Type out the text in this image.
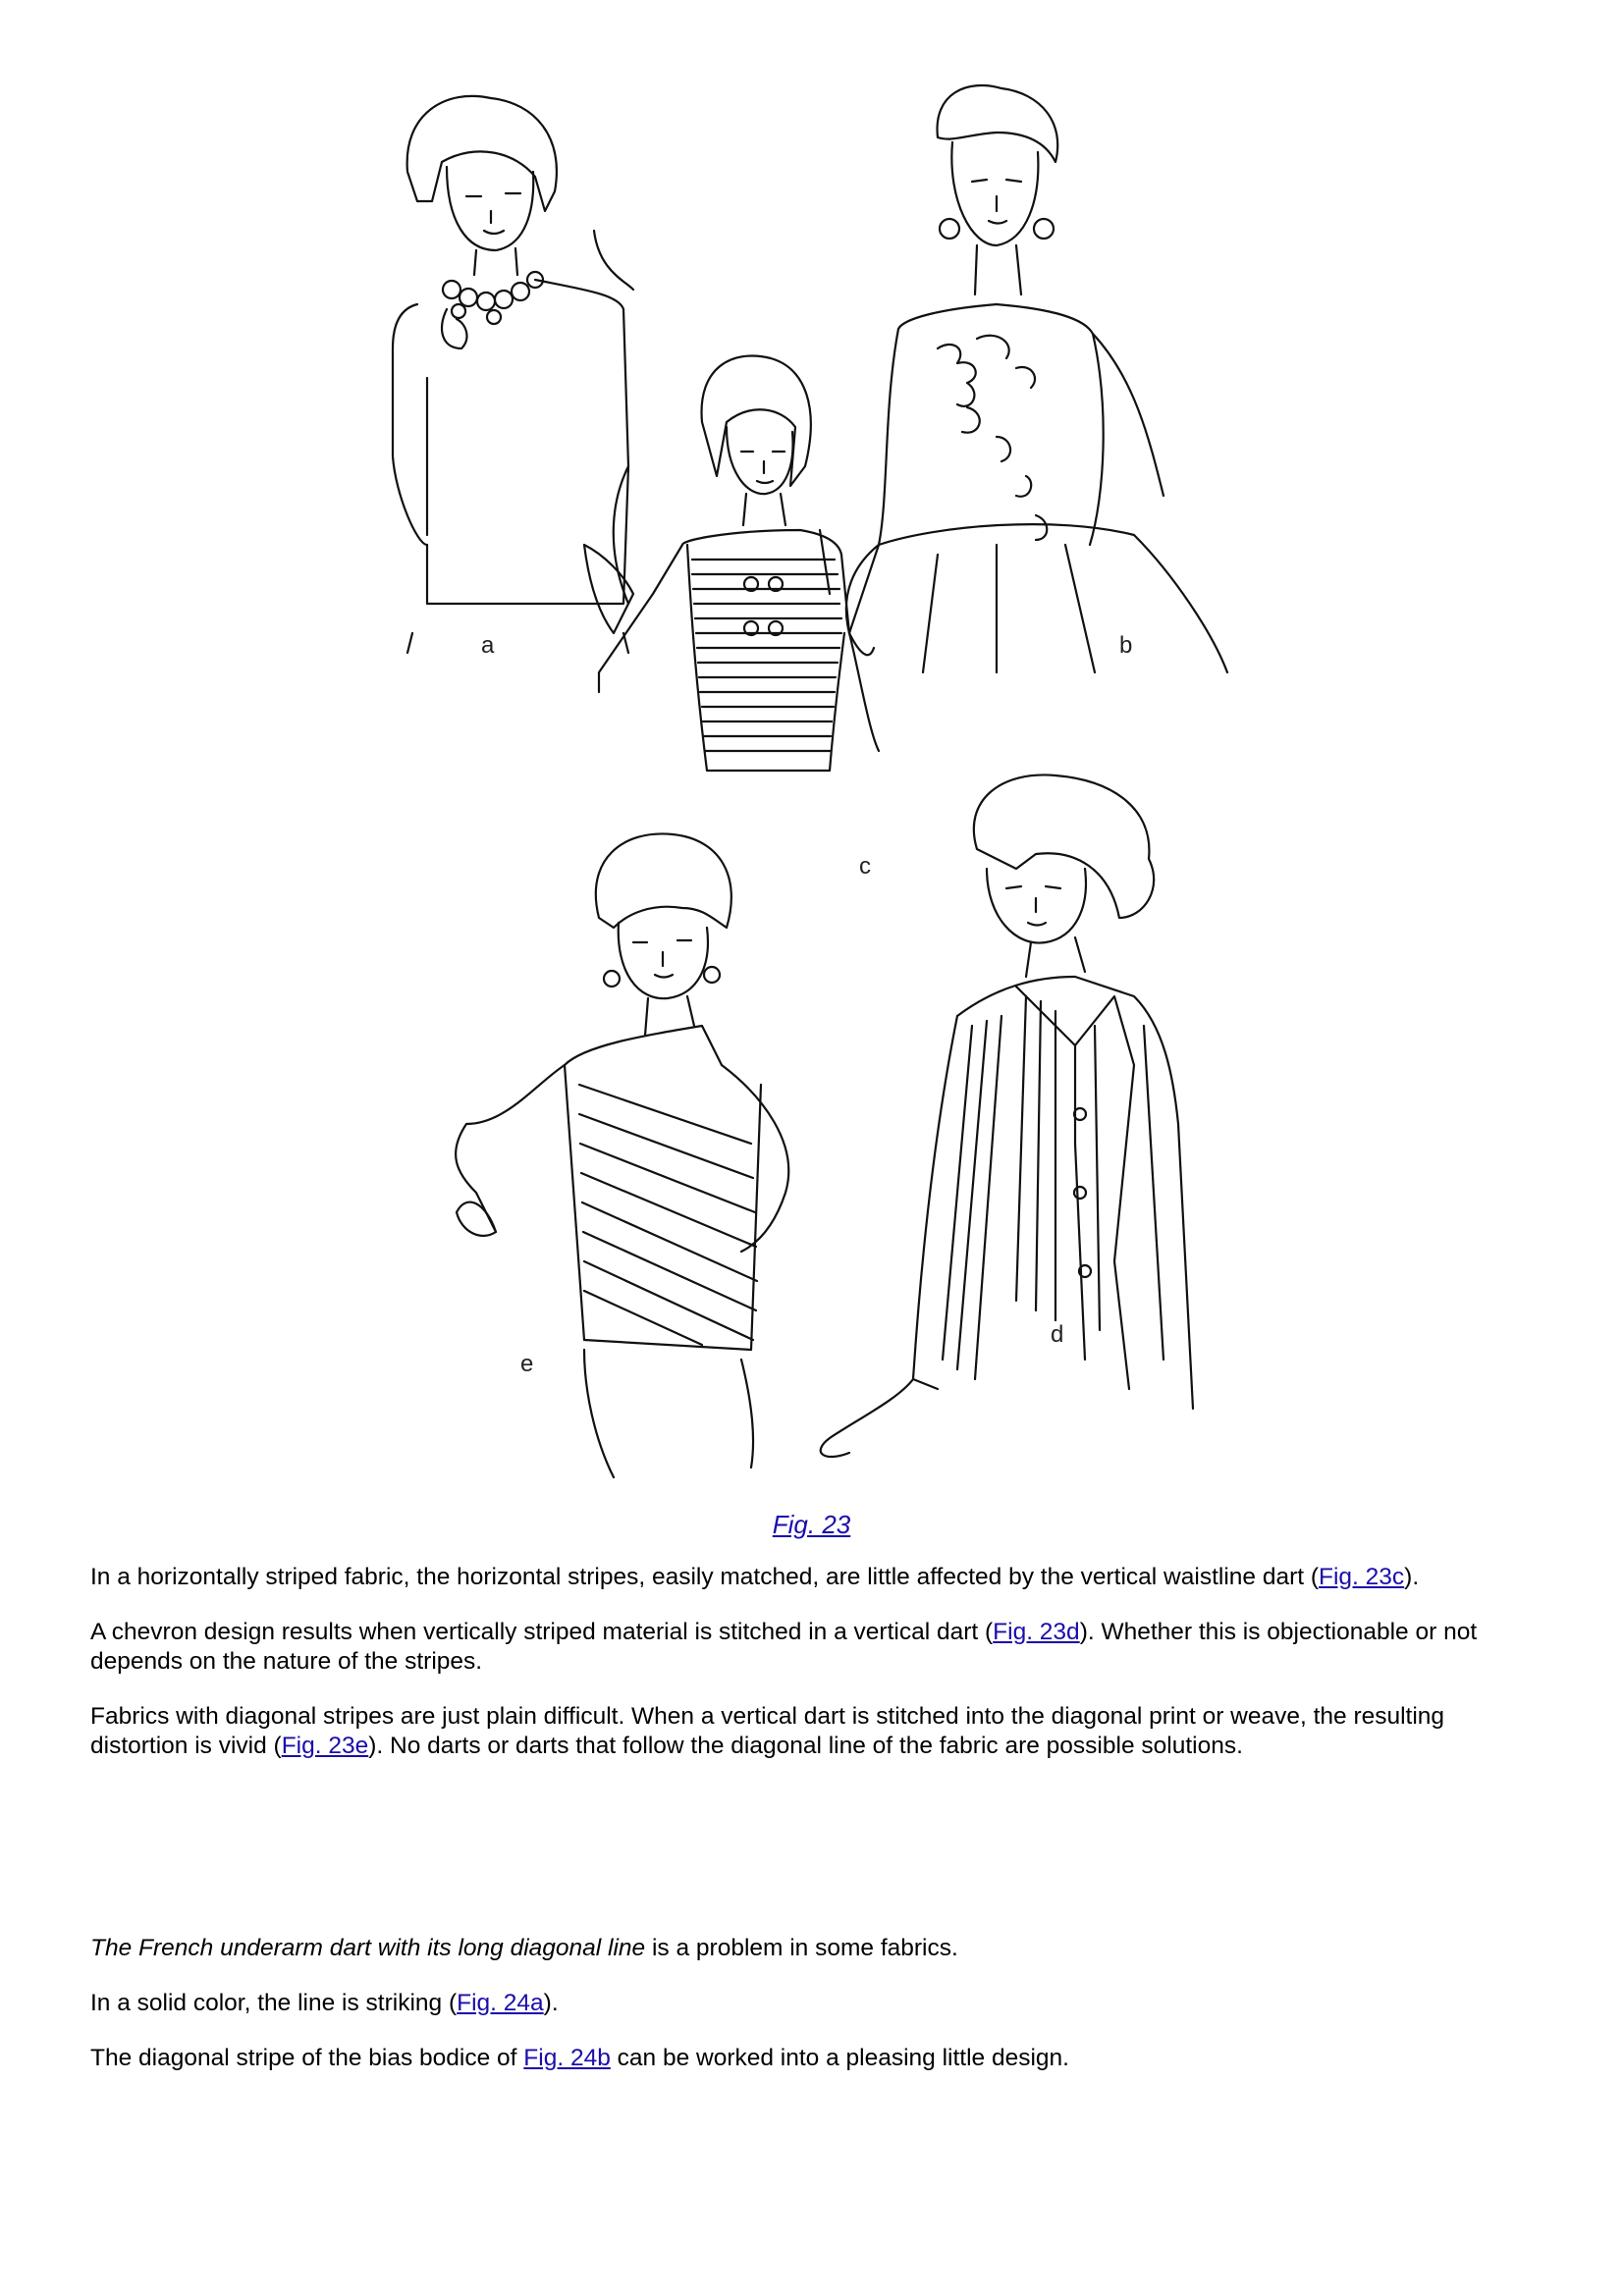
a	b
c
d
e
Fig. 23

In a horizontally striped fabric, the horizontal stripes, easily matched, are little affected by the vertical waistline dart (Fig. 23c).

A chevron design results when vertically striped material is stitched in a vertical dart (Fig. 23d). Whether this is objectionable or not depends on the nature of the stripes.

Fabrics with diagonal stripes are just plain difficult. When a vertical dart is stitched into the diagonal print or weave, the resulting distortion is vivid (Fig. 23e). No darts or darts that follow the diagonal line of the fabric are possible solutions.

The French underarm dart with its long diagonal line is a problem in some fabrics.

In a solid color, the line is striking (Fig. 24a).

The diagonal stripe of the bias bodice of Fig. 24b can be worked into a pleasing little design.
